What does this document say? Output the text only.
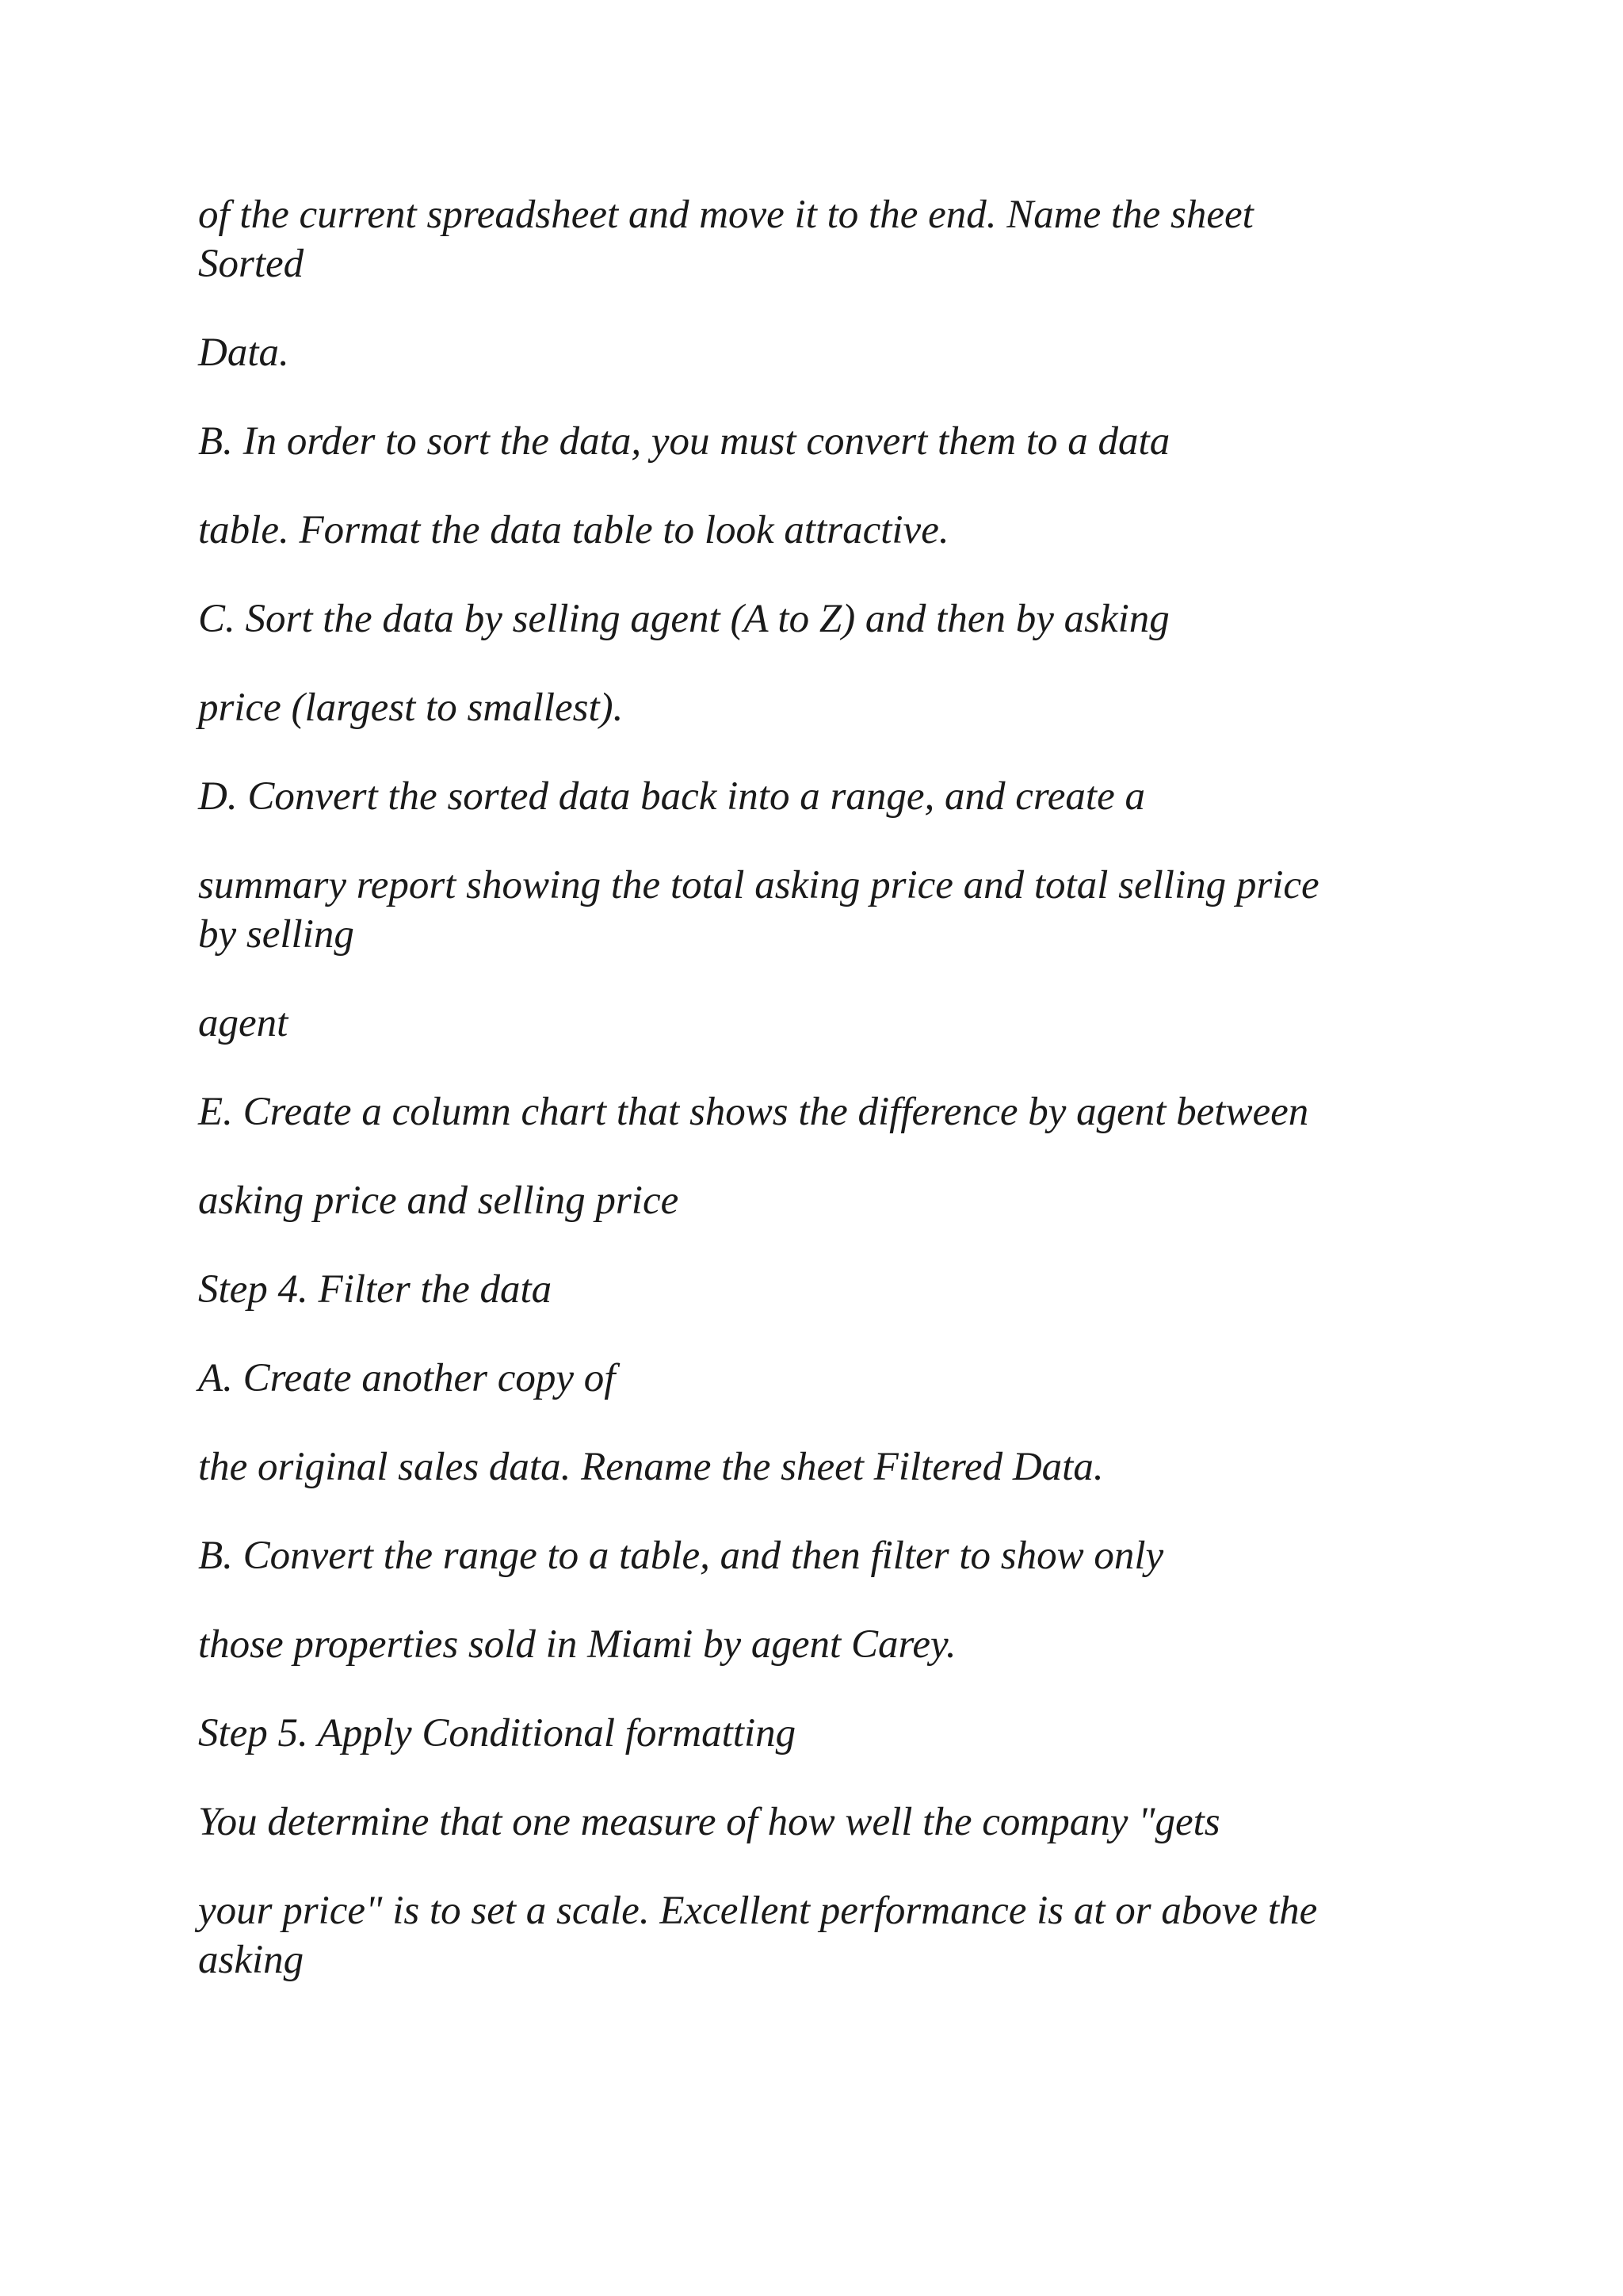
of the current spreadsheet and move it to the end. Name the sheet
Sorted

Data.

B. In order to sort the data, you must convert them to a data

table. Format the data table to look attractive.

C. Sort the data by selling agent (A to Z) and then by asking

price (largest to smallest).

D. Convert the sorted data back into a range, and create a

summary report showing the total asking price and total selling price
by selling

agent

E. Create a column chart that shows the difference by agent between

asking price and selling price

Step 4. Filter the data

A. Create another copy of

the original sales data. Rename the sheet Filtered Data.

B. Convert the range to a table, and then filter to show only

those properties sold in Miami by agent Carey.

Step 5. Apply Conditional formatting

You determine that one measure of how well the company "gets

your price" is to set a scale. Excellent performance is at or above the
asking
